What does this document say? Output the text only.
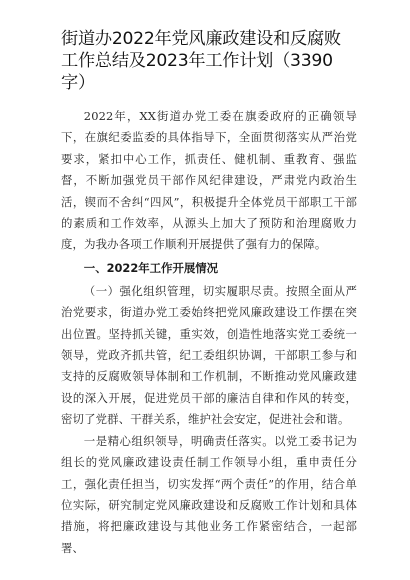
街道办2022年党风廉政建设和反腐败工作总结及2023年工作计划（3390字）

2022年，XX街道办党工委在旗委政府的正确领导下，在旗纪委监委的具体指导下，全面贯彻落实从严治党要求，紧扣中心工作，抓责任、健机制、重教育、强监督，不断加强党员干部作风纪律建设，严肃党内政治生活，锲而不舍纠“四风”，积极提升全体党员干部职工干部的素质和工作效率，从源头上加大了预防和治理腐败力度，为我办各项工作顺利开展提供了强有力的保障。

一、2022年工作开展情况

（一）强化组织管理，切实履职尽责。按照全面从严治党要求，街道办党工委始终把党风廉政建设工作摆在突出位置。坚持抓关键，重实效，创造性地落实党工委统一领导，党政齐抓共管，纪工委组织协调，干部职工参与和支持的反腐败领导体制和工作机制，不断推动党风廉政建设的深入开展，促进党员干部的廉洁自律和作风的转变，密切了党群、干群关系，维护社会安定，促进社会和谐。

一是精心组织领导，明确责任落实。以党工委书记为组长的党风廉政建设责任制工作领导小组，重申责任分工，强化责任担当，切实发挥“两个责任”的作用，结合单位实际，研究制定党风廉政建设和反腐败工作计划和具体措施，将把廉政建设与其他业务工作紧密结合，一起部署、
